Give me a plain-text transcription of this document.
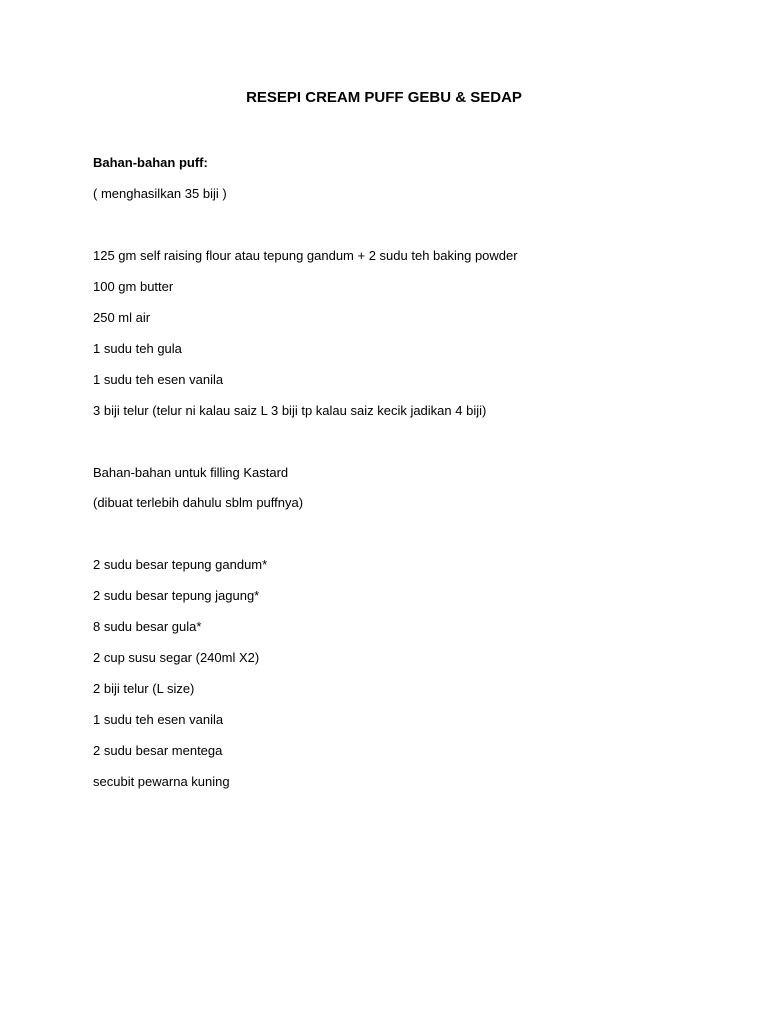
RESEPI CREAM PUFF GEBU & SEDAP

Bahan-bahan puff:

( menghasilkan 35 biji )

125 gm self raising flour atau tepung gandum + 2 sudu teh baking powder

100 gm butter

250 ml air

1 sudu teh gula

1 sudu teh esen vanila

3 biji telur (telur ni kalau saiz L 3 biji tp kalau saiz kecik jadikan 4 biji)

Bahan-bahan untuk filling Kastard

(dibuat terlebih dahulu sblm puffnya)

2 sudu besar tepung gandum*

2 sudu besar tepung jagung*

8 sudu besar gula*

2 cup susu segar (240ml X2)

2 biji telur (L size)

1 sudu teh esen vanila

2 sudu besar mentega

secubit pewarna kuning
